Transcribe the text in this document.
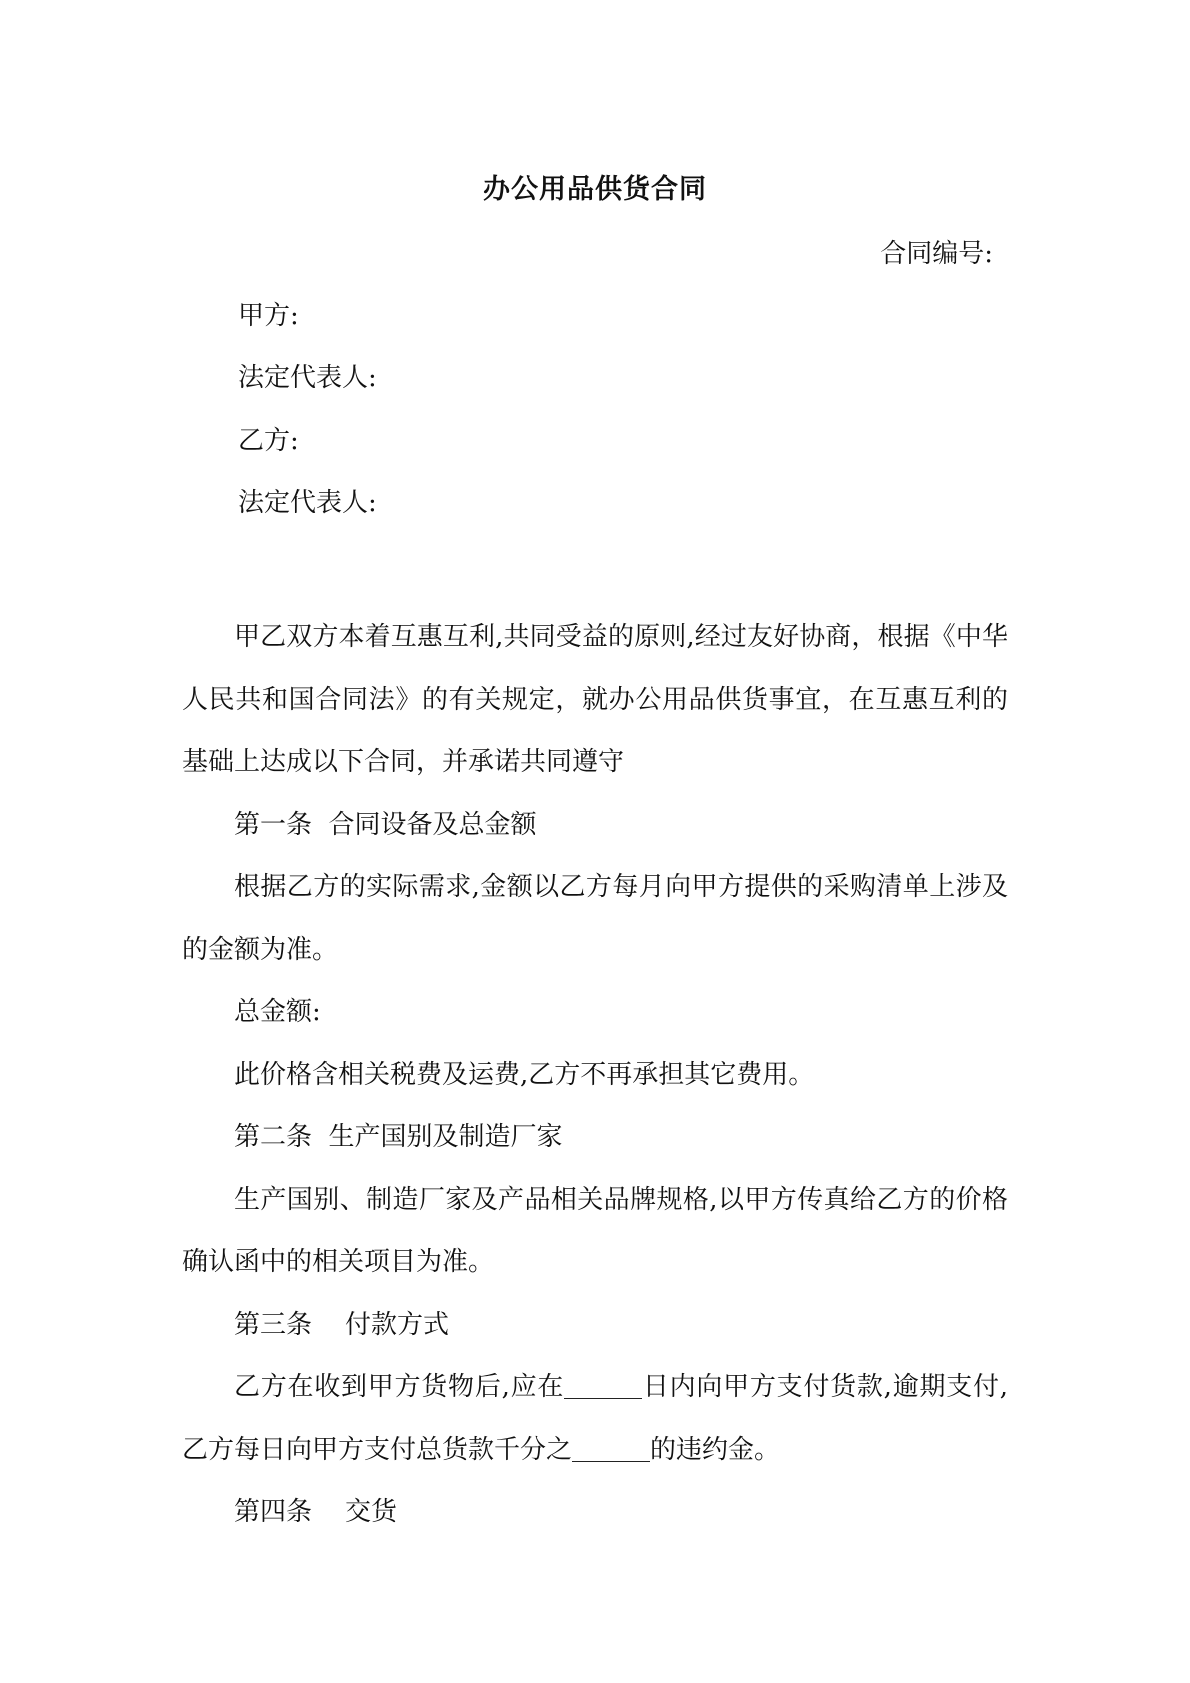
办公用品供货合同
合同编号:
甲方:
法定代表人:
乙方:
法定代表人:

甲乙双方本着互惠互利,共同受益的原则,经过友好协商，根据《中华人民共和国合同法》的有关规定，就办公用品供货事宜，在互惠互利的基础上达成以下合同，并承诺共同遵守

第一条  合同设备及总金额

根据乙方的实际需求,金额以乙方每月向甲方提供的采购清单上涉及的金额为准。

总金额:

此价格含相关税费及运费,乙方不再承担其它费用。

第二条  生产国别及制造厂家

生产国别、制造厂家及产品相关品牌规格,以甲方传真给乙方的价格确认函中的相关项目为准。

第三条    付款方式

乙方在收到甲方货物后,应在	日内向甲方支付货款,逾期支付,乙方每日向甲方支付总货款千分之	的违约金。

第四条    交货
